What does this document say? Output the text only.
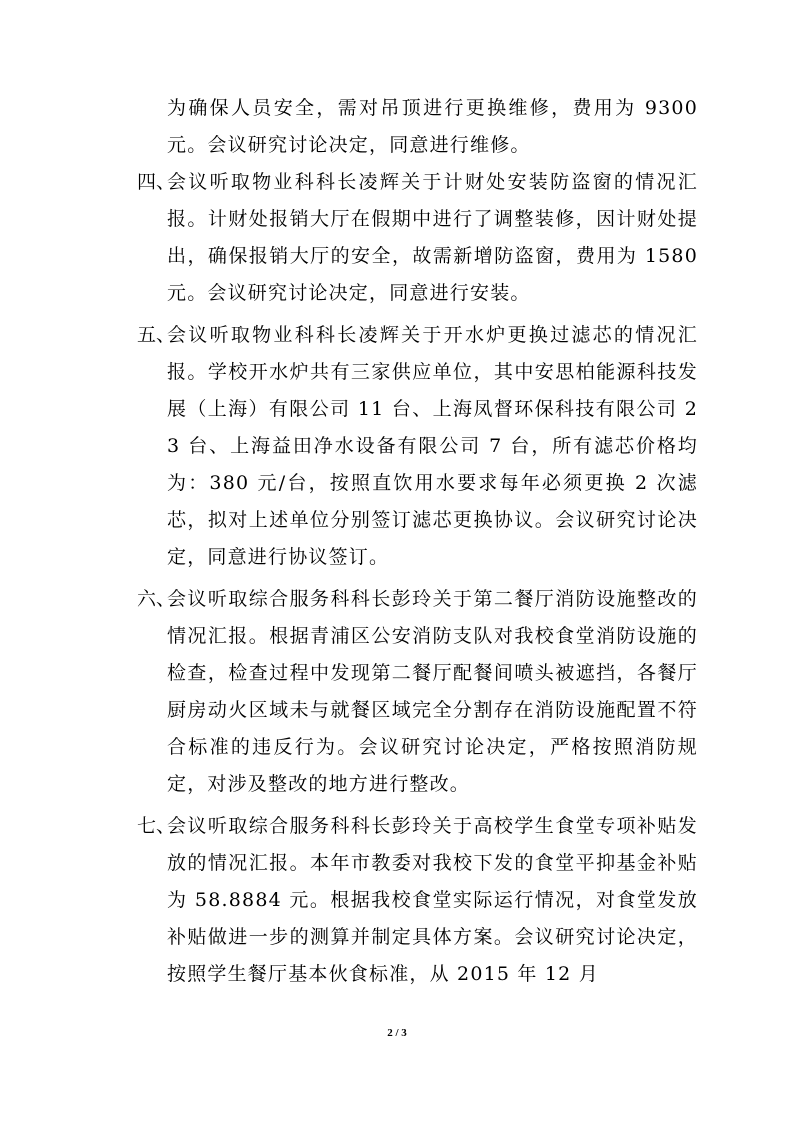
为确保人员安全，需对吊顶进行更换维修，费用为 9300 元。会议研究讨论决定，同意进行维修。
四、
会议听取物业科科长凌辉关于计财处安装防盗窗的情况汇报。计财处报销大厅在假期中进行了调整装修，因计财处提出，确保报销大厅的安全，故需新增防盗窗，费用为 1580 元。会议研究讨论决定，同意进行安装。
五、
会议听取物业科科长凌辉关于开水炉更换过滤芯的情况汇报。学校开水炉共有三家供应单位，其中安思柏能源科技发展（上海）有限公司 11 台、上海凤督环保科技有限公司 23 台、上海益田净水设备有限公司 7 台，所有滤芯价格均为：380 元/台，按照直饮用水要求每年必须更换 2 次滤芯，拟对上述单位分别签订滤芯更换协议。会议研究讨论决定，同意进行协议签订。
六、
会议听取综合服务科科长彭玲关于第二餐厅消防设施整改的情况汇报。根据青浦区公安消防支队对我校食堂消防设施的检查，检查过程中发现第二餐厅配餐间喷头被遮挡，各餐厅厨房动火区域未与就餐区域完全分割存在消防设施配置不符合标准的违反行为。会议研究讨论决定，严格按照消防规定，对涉及整改的地方进行整改。
七、
会议听取综合服务科科长彭玲关于高校学生食堂专项补贴发放的情况汇报。本年市教委对我校下发的食堂平抑基金补贴为 58.8884 元。根据我校食堂实际运行情况，对食堂发放补贴做进一步的测算并制定具体方案。会议研究讨论决定，按照学生餐厅基本伙食标准，从 2015 年 12 月
2 / 3
